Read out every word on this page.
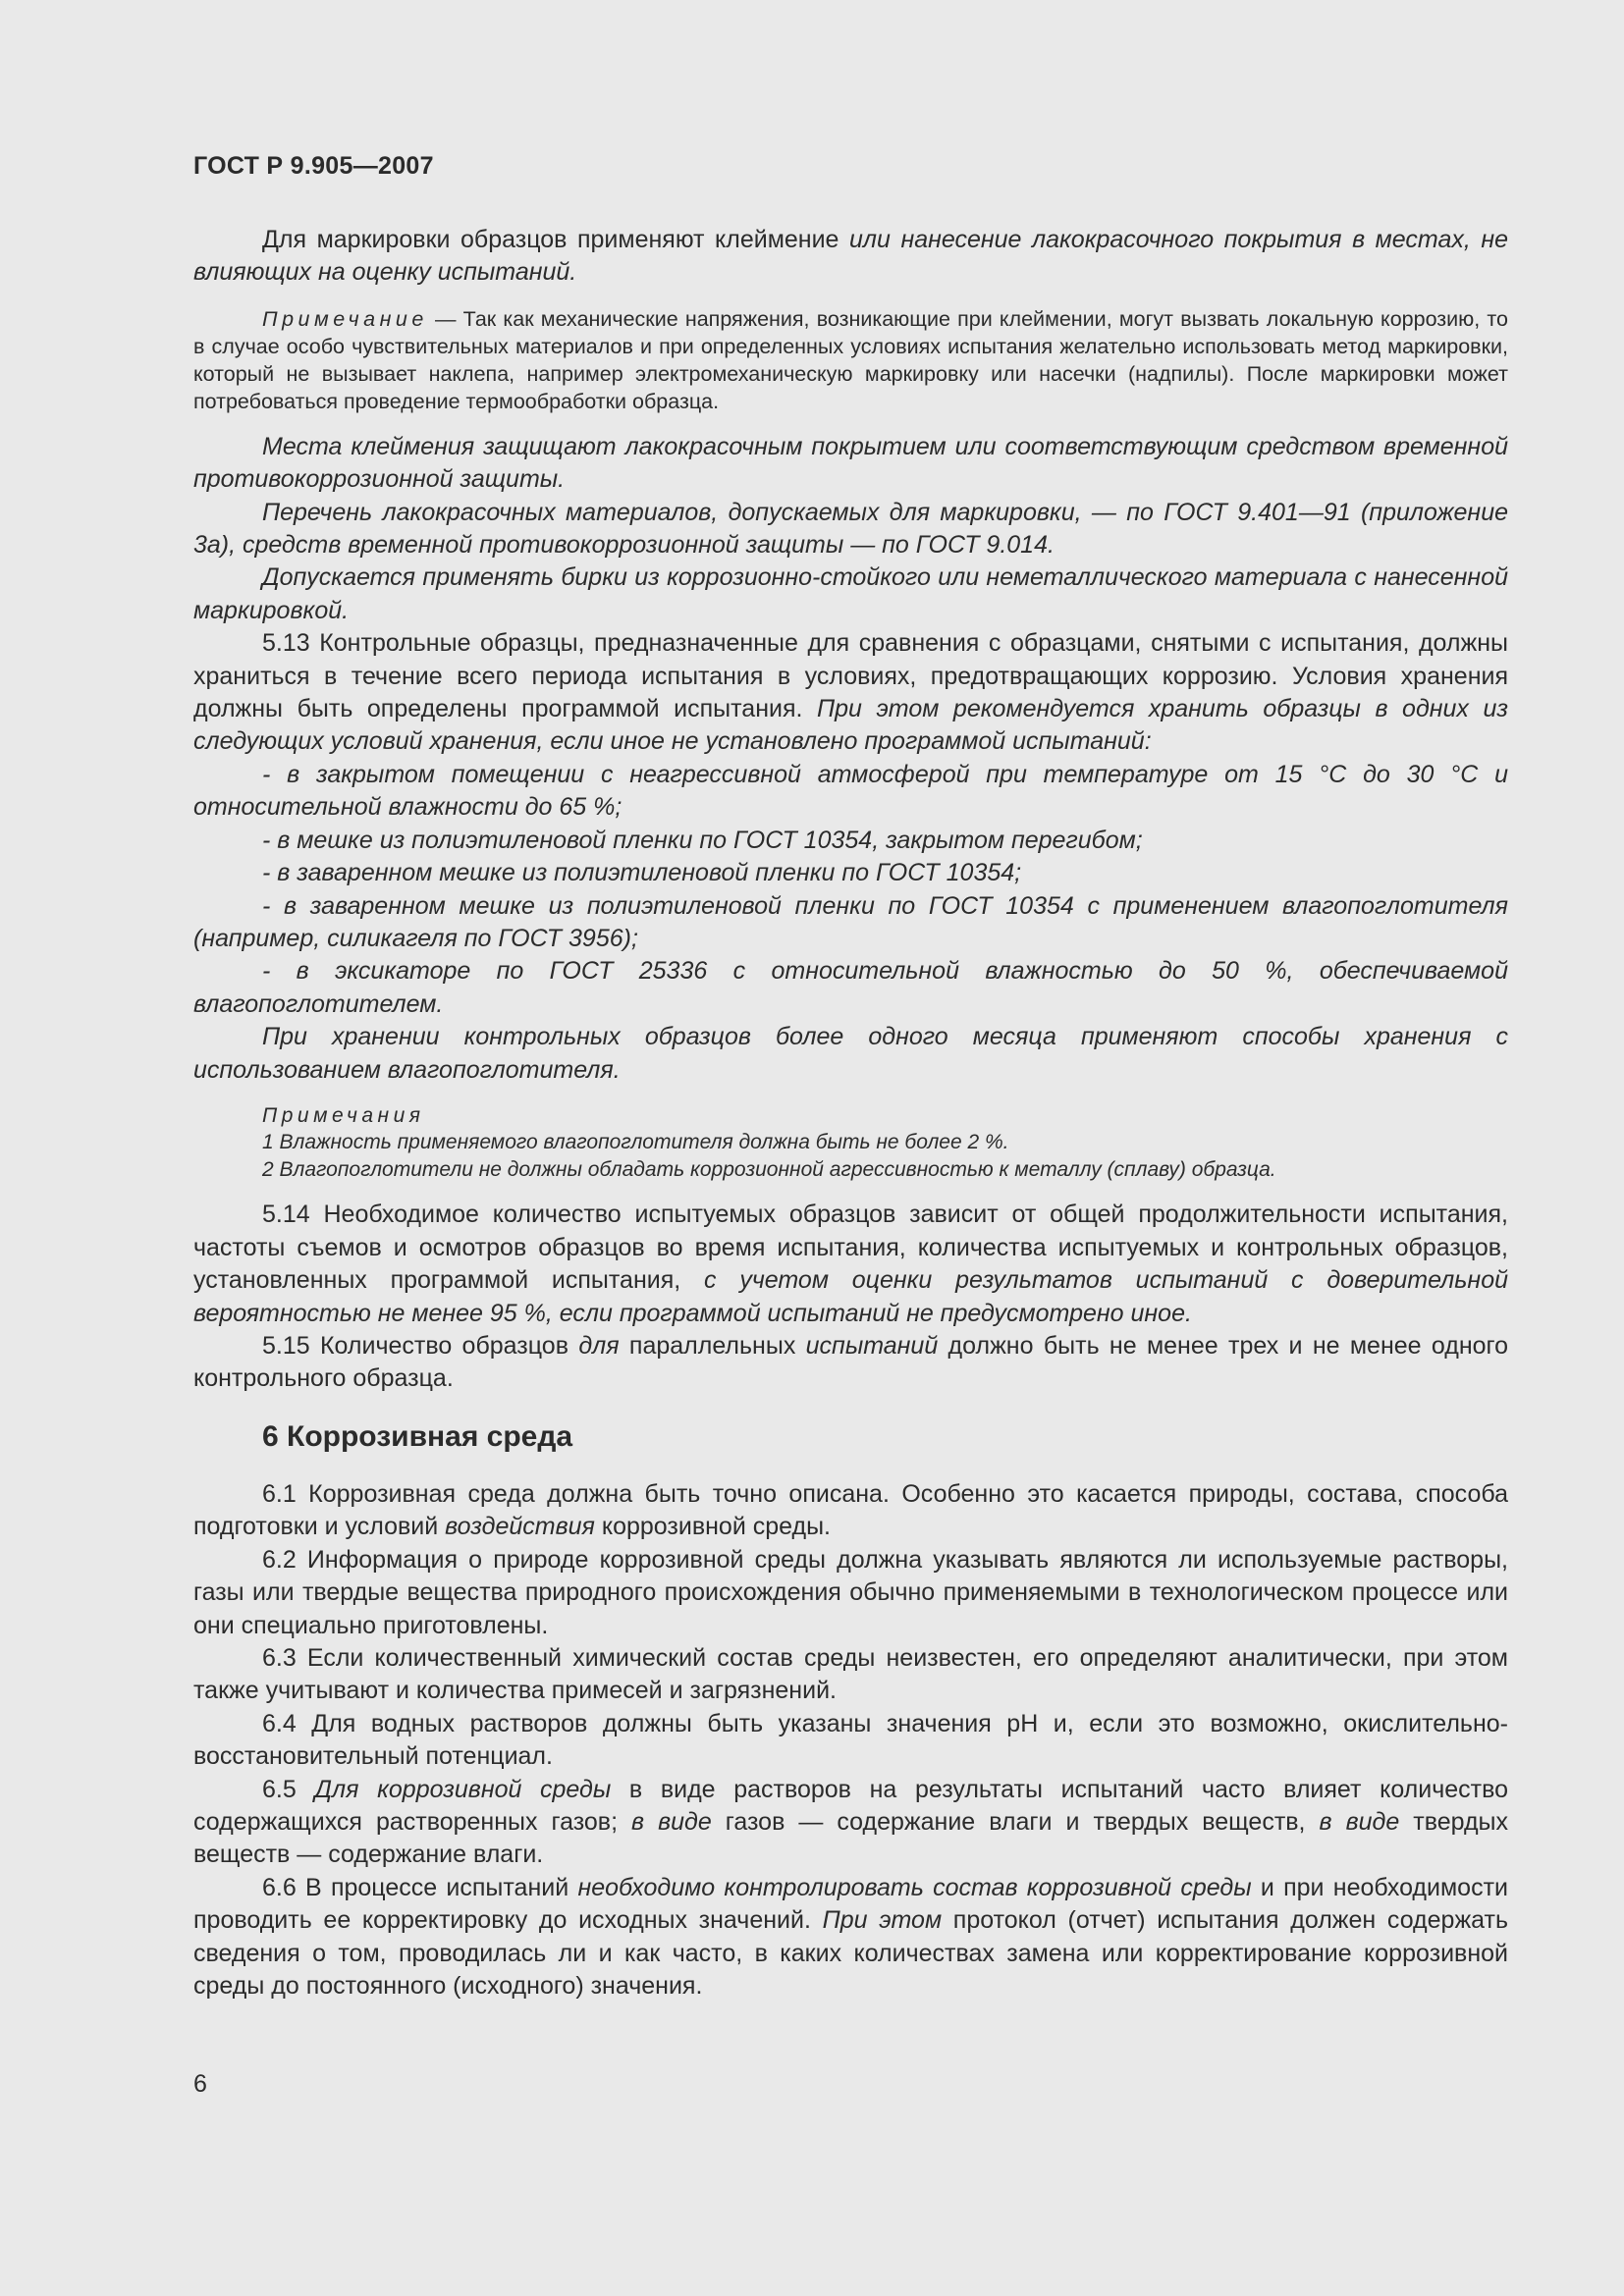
ГОСТ Р 9.905—2007

Для маркировки образцов применяют клеймение или нанесение лакокрасочного покрытия в местах, не влияющих на оценку испытаний.

Примечание — Так как механические напряжения, возникающие при клеймении, могут вызвать локальную коррозию, то в случае особо чувствительных материалов и при определенных условиях испытания желательно использовать метод маркировки, который не вызывает наклепа, например электромеханическую маркировку или насечки (надпилы). После маркировки может потребоваться проведение термообработки образца.

Места клеймения защищают лакокрасочным покрытием или соответствующим средством временной противокоррозионной защиты.

Перечень лакокрасочных материалов, допускаемых для маркировки, — по ГОСТ 9.401—91 (приложение 3а), средств временной противокоррозионной защиты — по ГОСТ 9.014.

Допускается применять бирки из коррозионно-стойкого или неметаллического материала с нанесенной маркировкой.

5.13 Контрольные образцы, предназначенные для сравнения с образцами, снятыми с испытания, должны храниться в течение всего периода испытания в условиях, предотвращающих коррозию. Условия хранения должны быть определены программой испытания. При этом рекомендуется хранить образцы в одних из следующих условий хранения, если иное не установлено программой испытаний:

- в закрытом помещении с неагрессивной атмосферой при температуре от 15 °С до 30 °С и относительной влажности до 65 %;

- в мешке из полиэтиленовой пленки по ГОСТ 10354, закрытом перегибом;

- в заваренном мешке из полиэтиленовой пленки по ГОСТ 10354;

- в заваренном мешке из полиэтиленовой пленки по ГОСТ 10354 с применением влагопоглотителя (например, силикагеля по ГОСТ 3956);

- в эксикаторе по ГОСТ 25336 с относительной влажностью до 50 %, обеспечиваемой влагопоглотителем.

При хранении контрольных образцов более одного месяца применяют способы хранения с использованием влагопоглотителя.

Примечания

1 Влажность применяемого влагопоглотителя должна быть не более 2 %.

2 Влагопоглотители не должны обладать коррозионной агрессивностью к металлу (сплаву) образца.

5.14 Необходимое количество испытуемых образцов зависит от общей продолжительности испытания, частоты съемов и осмотров образцов во время испытания, количества испытуемых и контрольных образцов, установленных программой испытания, с учетом оценки результатов испытаний с доверительной вероятностью не менее 95 %, если программой испытаний не предусмотрено иное.

5.15 Количество образцов для параллельных испытаний должно быть не менее трех и не менее одного контрольного образца.

6 Коррозивная среда

6.1 Коррозивная среда должна быть точно описана. Особенно это касается природы, состава, способа подготовки и условий воздействия коррозивной среды.

6.2 Информация о природе коррозивной среды должна указывать являются ли используемые растворы, газы или твердые вещества природного происхождения обычно применяемыми в технологическом процессе или они специально приготовлены.

6.3 Если количественный химический состав среды неизвестен, его определяют аналитически, при этом также учитывают и количества примесей и загрязнений.

6.4 Для водных растворов должны быть указаны значения рН и, если это возможно, окислительно-восстановительный потенциал.

6.5 Для коррозивной среды в виде растворов на результаты испытаний часто влияет количество содержащихся растворенных газов; в виде газов — содержание влаги и твердых веществ, в виде твердых веществ — содержание влаги.

6.6 В процессе испытаний необходимо контролировать состав коррозивной среды и при необходимости проводить ее корректировку до исходных значений. При этом протокол (отчет) испытания должен содержать сведения о том, проводилась ли и как часто, в каких количествах замена или корректирование коррозивной среды до постоянного (исходного) значения.

6
